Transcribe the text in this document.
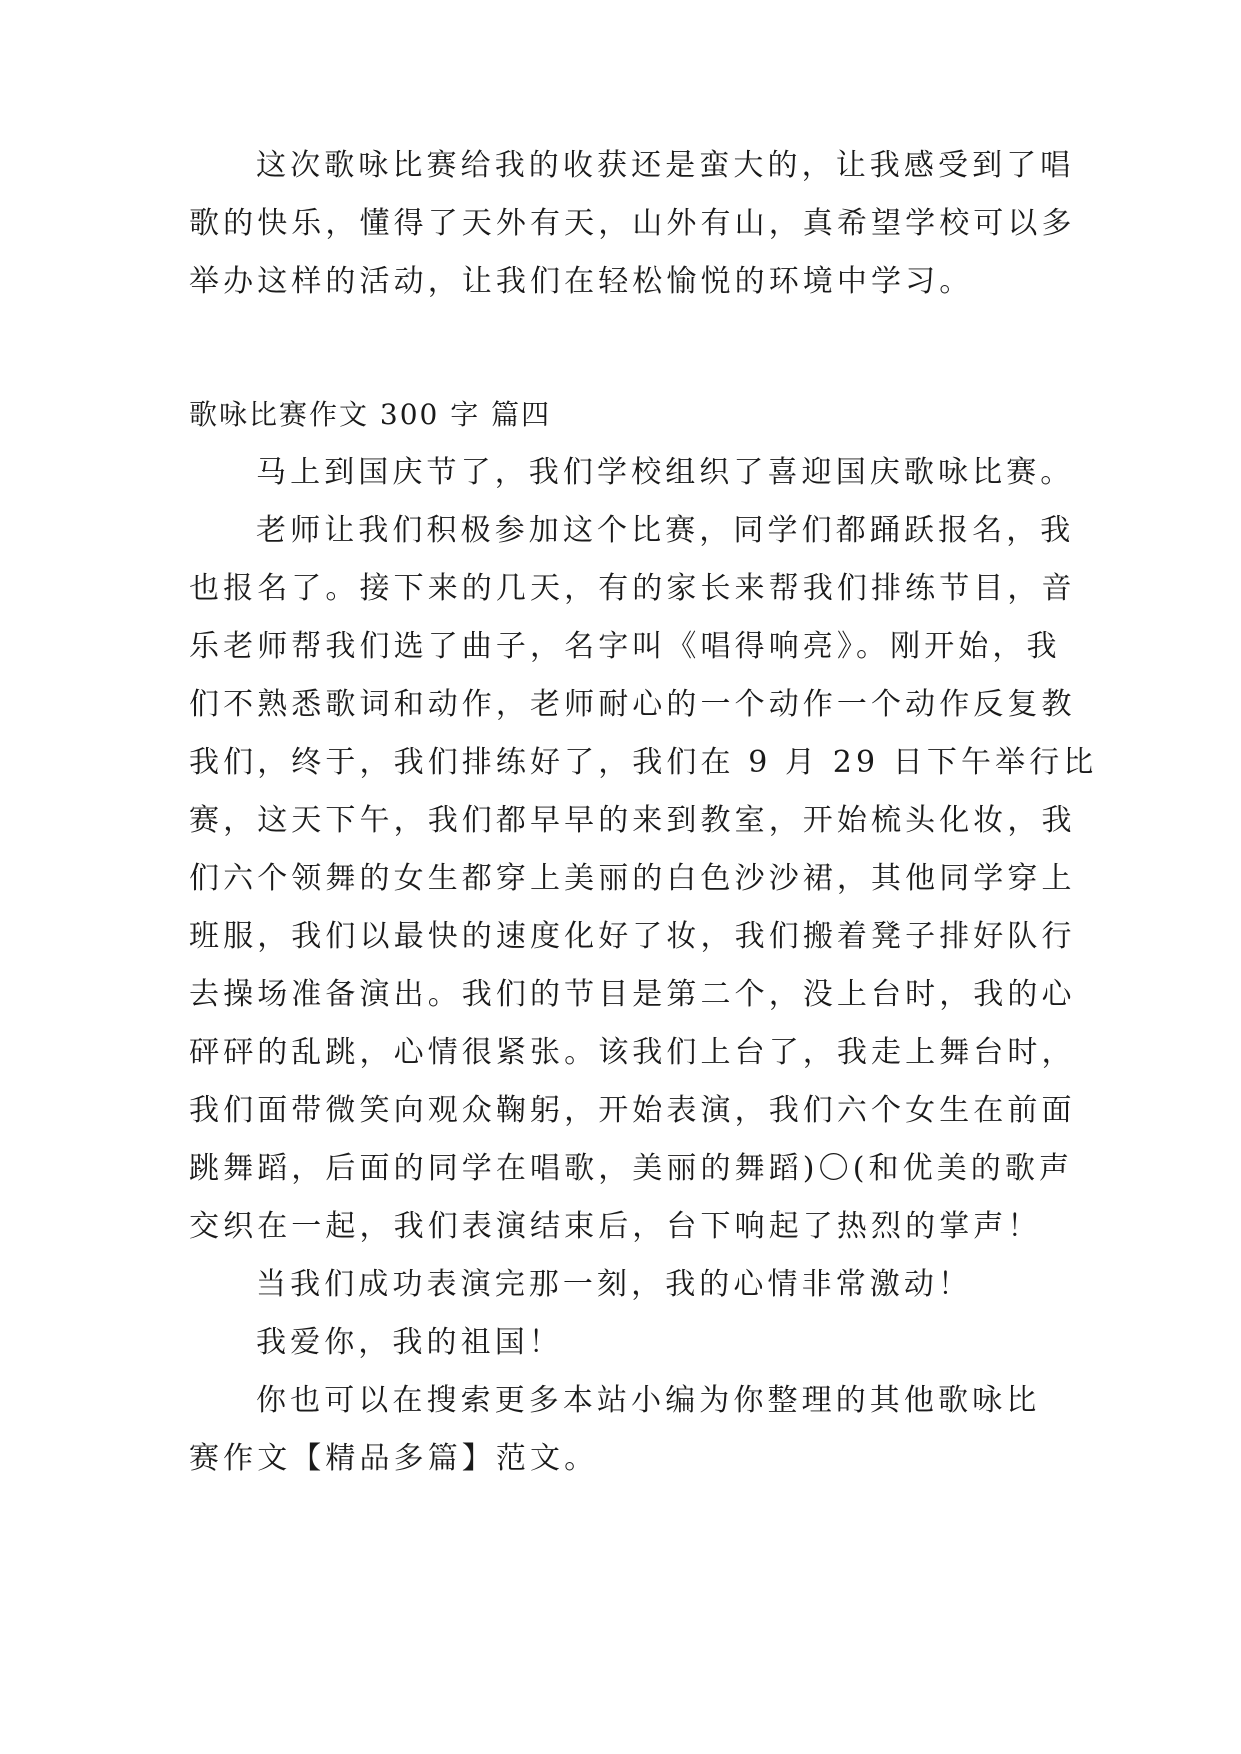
这次歌咏比赛给我的收获还是蛮大的，让我感受到了唱
歌的快乐，懂得了天外有天，山外有山，真希望学校可以多
举办这样的活动，让我们在轻松愉悦的环境中学习。
歌咏比赛作文 300 字 篇四
马上到国庆节了，我们学校组织了喜迎国庆歌咏比赛。
老师让我们积极参加这个比赛，同学们都踊跃报名，我
也报名了。接下来的几天，有的家长来帮我们排练节目，音
乐老师帮我们选了曲子，名字叫《唱得响亮》。刚开始，我
们不熟悉歌词和动作，老师耐心的一个动作一个动作反复教
我们，终于，我们排练好了，我们在 9 月 29 日下午举行比
赛，这天下午，我们都早早的来到教室，开始梳头化妆，我
们六个领舞的女生都穿上美丽的白色沙沙裙，其他同学穿上
班服，我们以最快的速度化好了妆，我们搬着凳子排好队行
去操场准备演出。我们的节目是第二个，没上台时，我的心
砰砰的乱跳，心情很紧张。该我们上台了，我走上舞台时，
我们面带微笑向观众鞠躬，开始表演，我们六个女生在前面
跳舞蹈，后面的同学在唱歌，美丽的舞蹈)〇(和优美的歌声
交织在一起，我们表演结束后，台下响起了热烈的掌声！
当我们成功表演完那一刻，我的心情非常激动！
我爱你，我的祖国！
你也可以在搜索更多本站小编为你整理的其他歌咏比
赛作文【精品多篇】范文。
